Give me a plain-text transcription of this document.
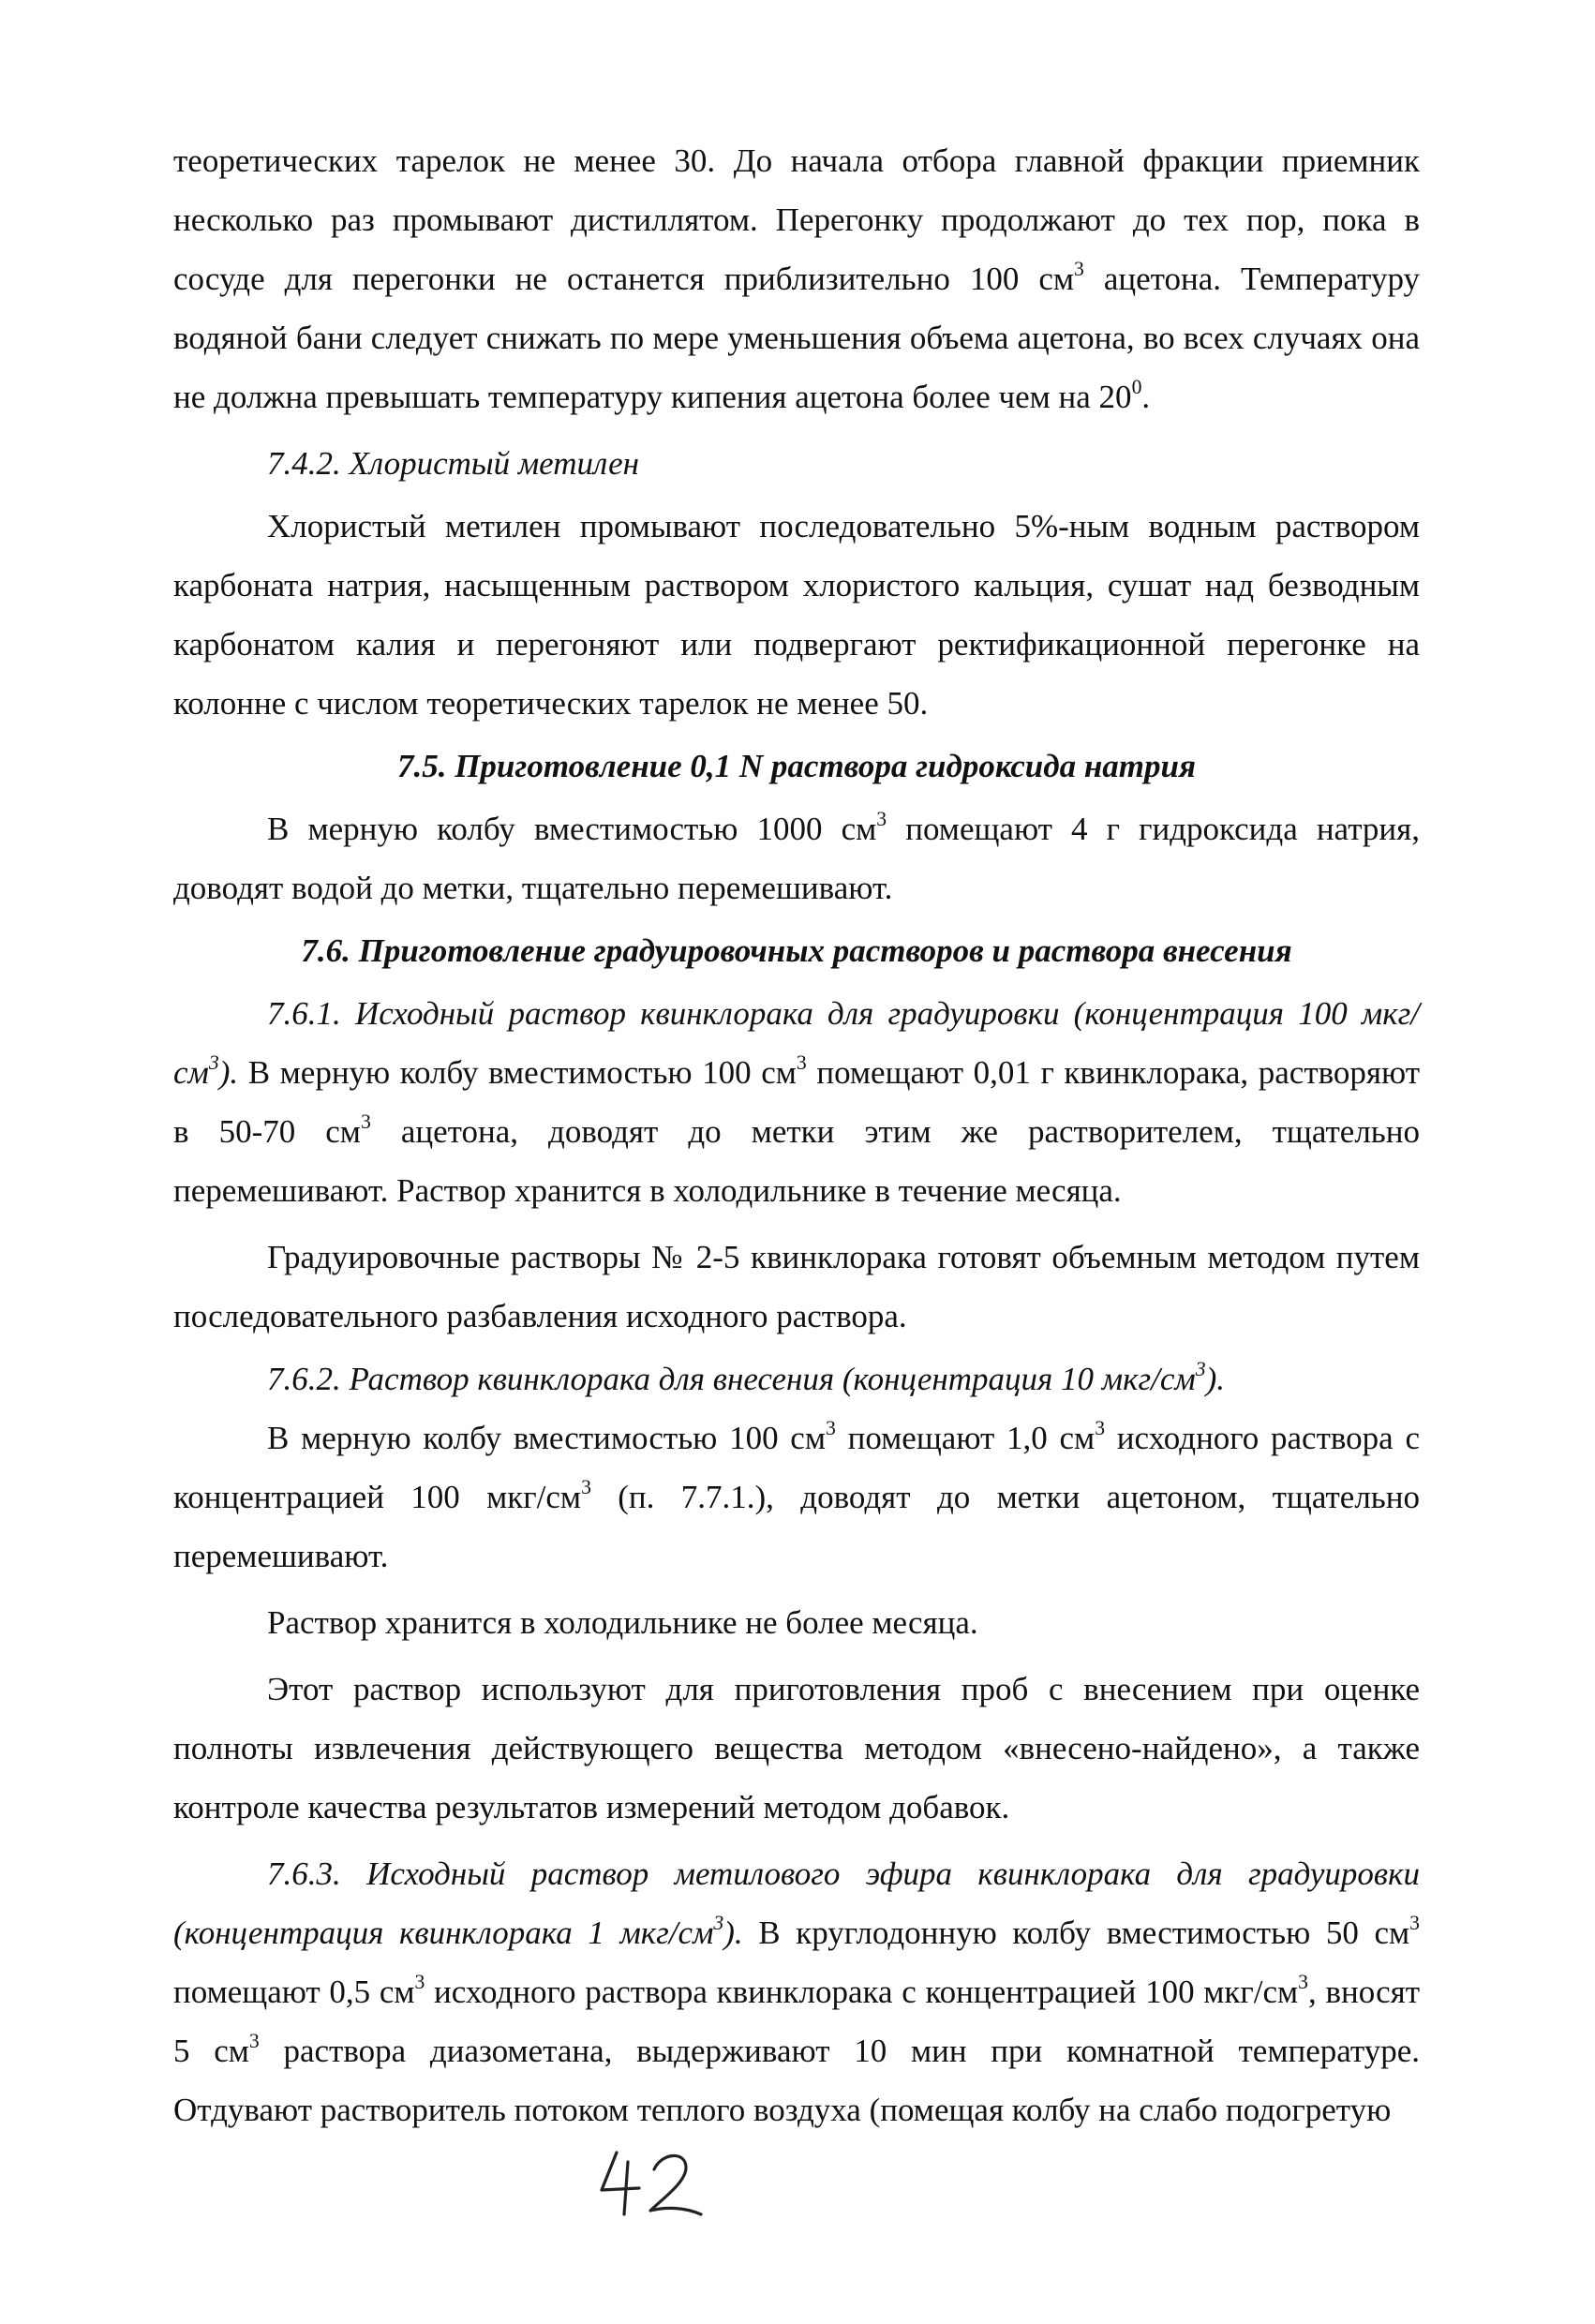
теоретических тарелок не менее 30. До начала отбора главной фракции приемник несколько раз промывают дистиллятом. Перегонку продолжают до тех пор, пока в сосуде для перегонки не останется приблизительно 100 $см^3$ ацетона. Температуру водяной бани следует снижать по мере уменьшения объема ацетона, во всех случаях она не должна превышать температуру кипения ацетона более чем на $20^0$.

7.4.2. Хлористый метилен

Хлористый метилен промывают последовательно 5%-ным водным раствором карбоната натрия, насыщенным раствором хлористого кальция, сушат над безводным карбонатом калия и перегоняют или подвергают ректификационной перегонке на колонне с числом теоретических тарелок не менее 50.

7.5. Приготовление 0,1 N раствора гидроксида натрия

В мерную колбу вместимостью 1000 $см^3$ помещают 4 г гидроксида натрия, доводят водой до метки, тщательно перемешивают.

7.6. Приготовление градуировочных растворов и раствора внесения

7.6.1. Исходный раствор квинклорака для градуировки (концентрация 100 мкг/$см^3$). В мерную колбу вместимостью 100 $см^3$ помещают 0,01 г квинклорака, растворяют в 50-70 $см^3$ ацетона, доводят до метки этим же растворителем, тщательно перемешивают. Раствор хранится в холодильнике в течение месяца.

Градуировочные растворы № 2-5 квинклорака готовят объемным методом путем последовательного разбавления исходного раствора.

7.6.2. Раствор квинклорака для внесения (концентрация 10 мкг/$см^3$).

В мерную колбу вместимостью 100 $см^3$ помещают 1,0 $см^3$ исходного раствора с концентрацией 100 мкг/$см^3$ (п. 7.7.1.), доводят до метки ацетоном, тщательно перемешивают.

Раствор хранится в холодильнике не более месяца.

Этот раствор используют для приготовления проб с внесением при оценке полноты извлечения действующего вещества методом «внесено-найдено», а также контроле качества результатов измерений методом добавок.

7.6.3. Исходный раствор метилового эфира квинклорака для градуировки (концентрация квинклорака 1 мкг/$см^3$). В круглодонную колбу вместимостью 50 $см^3$ помещают 0,5 $см^3$ исходного раствора квинклорака с концентрацией 100 мкг/$см^3$, вносят 5 $см^3$ раствора диазометана, выдерживают 10 мин при комнатной температуре. Отдувают растворитель потоком теплого воздуха (помещая колбу на слабо подогретую
